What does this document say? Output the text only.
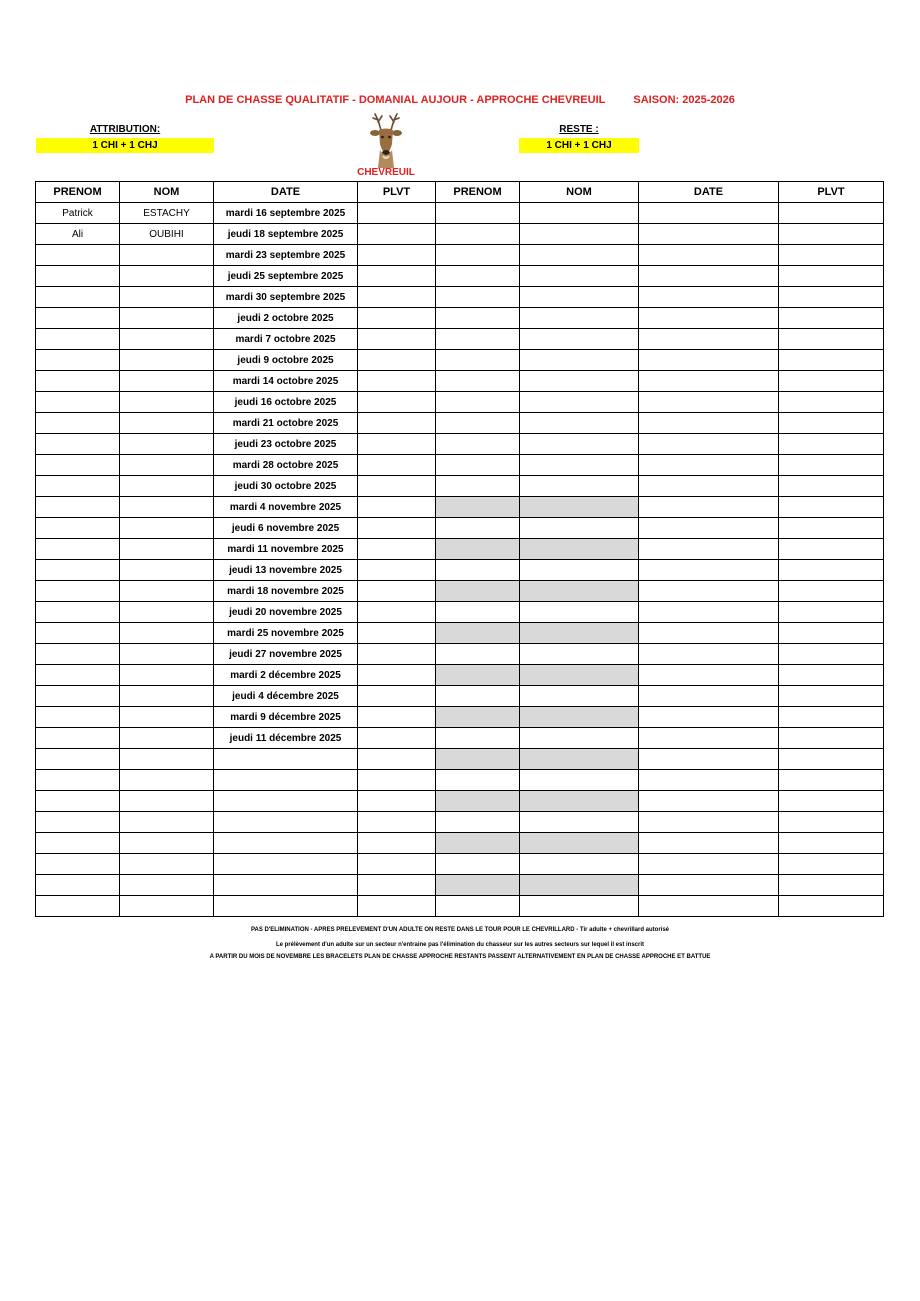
PLAN DE CHASSE QUALITATIF - DOMANIAL AUJOUR - APPROCHE CHEVREUIL	SAISON: 2025-2026
ATTRIBUTION:
1 CHI + 1 CHJ
CHEVREUIL
RESTE :
1 CHI + 1 CHJ
PRENOM	NOM	DATE	PLVT	PRENOM	NOM	DATE	PLVT
Patrick	ESTACHY	mardi 16 septembre 2025					
Ali	OUBIHI	jeudi 18 septembre 2025					
		mardi 23 septembre 2025					
		jeudi 25 septembre 2025					
		mardi 30 septembre 2025					
		jeudi 2 octobre 2025					
		mardi 7 octobre 2025					
		jeudi 9 octobre 2025					
		mardi 14 octobre 2025					
		jeudi 16 octobre 2025					
		mardi 21 octobre 2025					
		jeudi 23 octobre 2025					
		mardi 28 octobre 2025					
		jeudi 30 octobre 2025					
		mardi 4 novembre 2025					
		jeudi 6 novembre 2025					
		mardi 11 novembre 2025					
		jeudi 13 novembre 2025					
		mardi 18 novembre 2025					
		jeudi 20 novembre 2025					
		mardi 25 novembre 2025					
		jeudi 27 novembre 2025					
		mardi 2 décembre 2025					
		jeudi 4 décembre 2025					
		mardi 9 décembre 2025					
		jeudi 11 décembre 2025					

PAS D'ELIMINATION - APRES PRELEVEMENT D'UN ADULTE ON RESTE DANS LE TOUR POUR LE CHEVRILLARD - Tir adulte + chevrillard autorisé
Le prélèvement d'un adulte sur un secteur n'entraine pas l'élimination du chasseur sur les autres secteurs sur lequel il est inscrit
A PARTIR DU MOIS DE NOVEMBRE LES BRACELETS PLAN DE CHASSE APPROCHE RESTANTS PASSENT ALTERNATIVEMENT EN PLAN DE CHASSE APPROCHE ET BATTUE
